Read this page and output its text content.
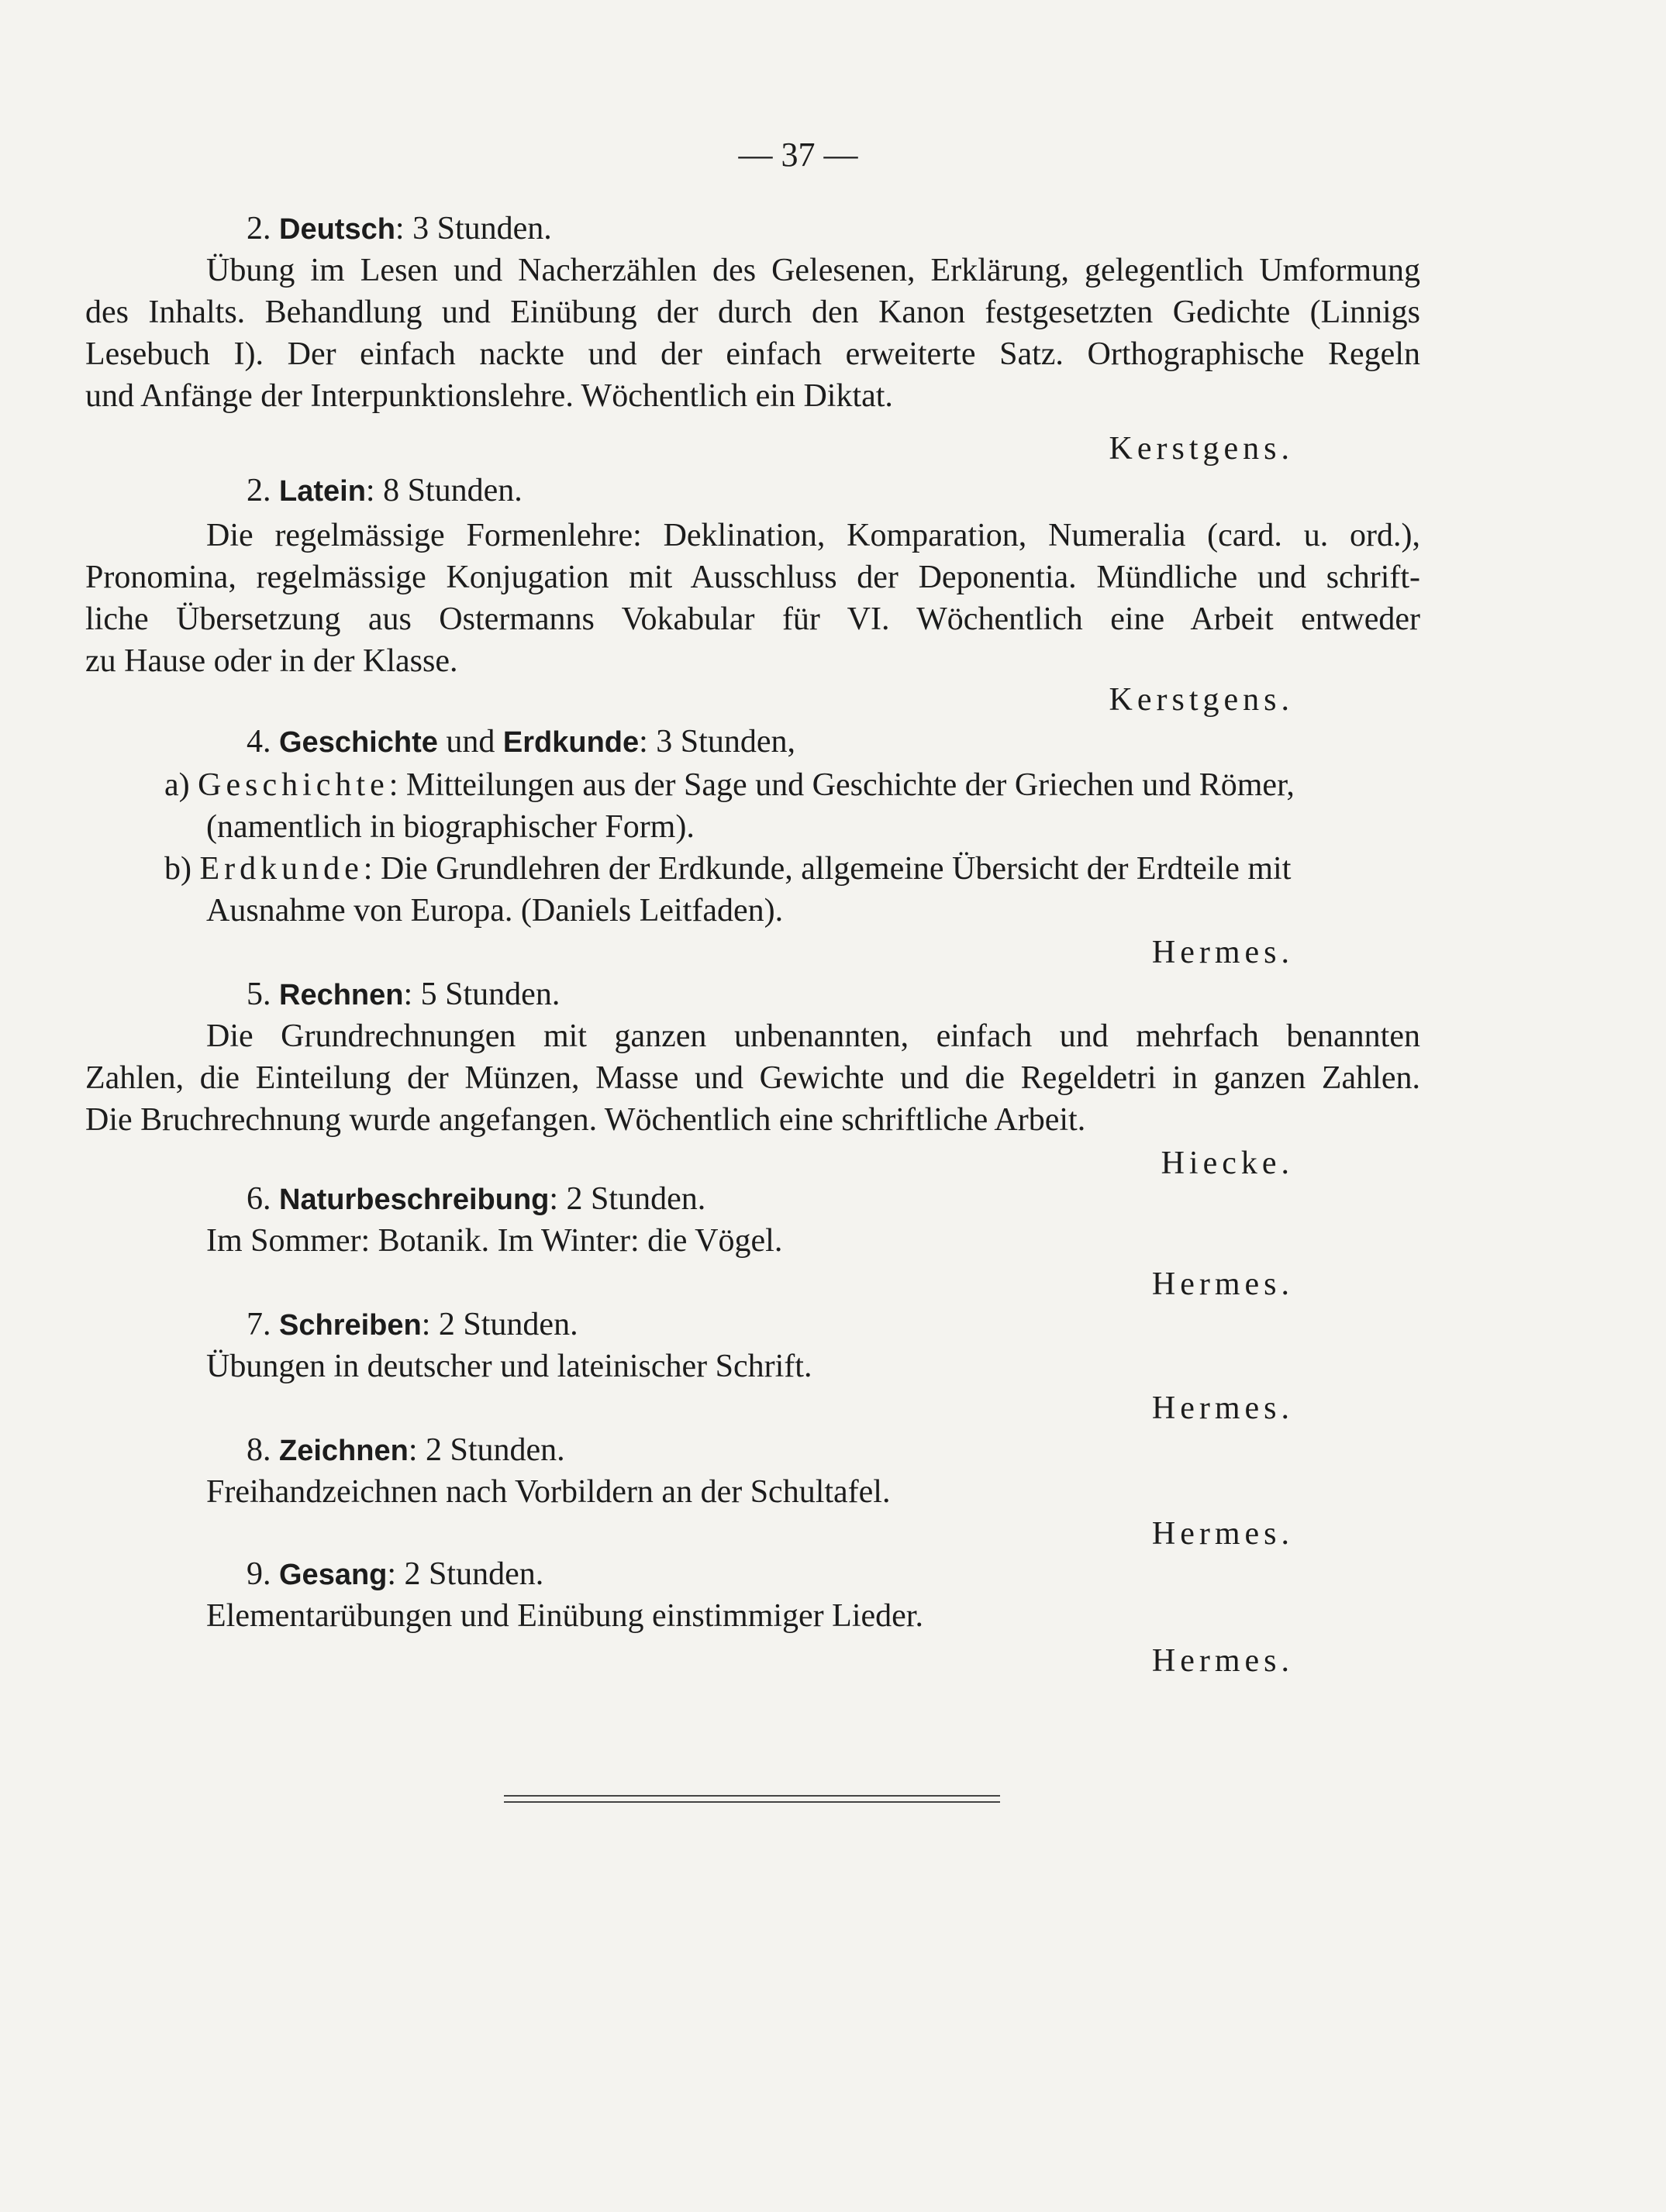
— 37 —
2. Deutsch: 3 Stunden.
Übung im Lesen und Nacherzählen des Gelesenen, Erklärung, gelegentlich Umformung
des Inhalts. Behandlung und Einübung der durch den Kanon festgesetzten Gedichte (Linnigs
Lesebuch I). Der einfach nackte und der einfach erweiterte Satz. Orthographische Regeln
und Anfänge der Interpunktionslehre. Wöchentlich ein Diktat.
Kerstgens.
2. Latein: 8 Stunden.
Die regelmässige Formenlehre: Deklination, Komparation, Numeralia (card. u. ord.),
Pronomina, regelmässige Konjugation mit Ausschluss der Deponentia. Mündliche und schrift-
liche Übersetzung aus Ostermanns Vokabular für VI. Wöchentlich eine Arbeit entweder
zu Hause oder in der Klasse.
Kerstgens.
4. Geschichte und Erdkunde: 3 Stunden,
a) Geschichte: Mitteilungen aus der Sage und Geschichte der Griechen und Römer,
(namentlich in biographischer Form).
b) Erdkunde: Die Grundlehren der Erdkunde, allgemeine Übersicht der Erdteile mit
Ausnahme von Europa. (Daniels Leitfaden).
Hermes.
5. Rechnen: 5 Stunden.
Die Grundrechnungen mit ganzen unbenannten, einfach und mehrfach benannten
Zahlen, die Einteilung der Münzen, Masse und Gewichte und die Regeldetri in ganzen Zahlen.
Die Bruchrechnung wurde angefangen. Wöchentlich eine schriftliche Arbeit.
Hiecke.
6. Naturbeschreibung: 2 Stunden.
Im Sommer: Botanik. Im Winter: die Vögel.
Hermes.
7. Schreiben: 2 Stunden.
Übungen in deutscher und lateinischer Schrift.
Hermes.
8. Zeichnen: 2 Stunden.
Freihandzeichnen nach Vorbildern an der Schultafel.
Hermes.
9. Gesang: 2 Stunden.
Elementarübungen und Einübung einstimmiger Lieder.
Hermes.
